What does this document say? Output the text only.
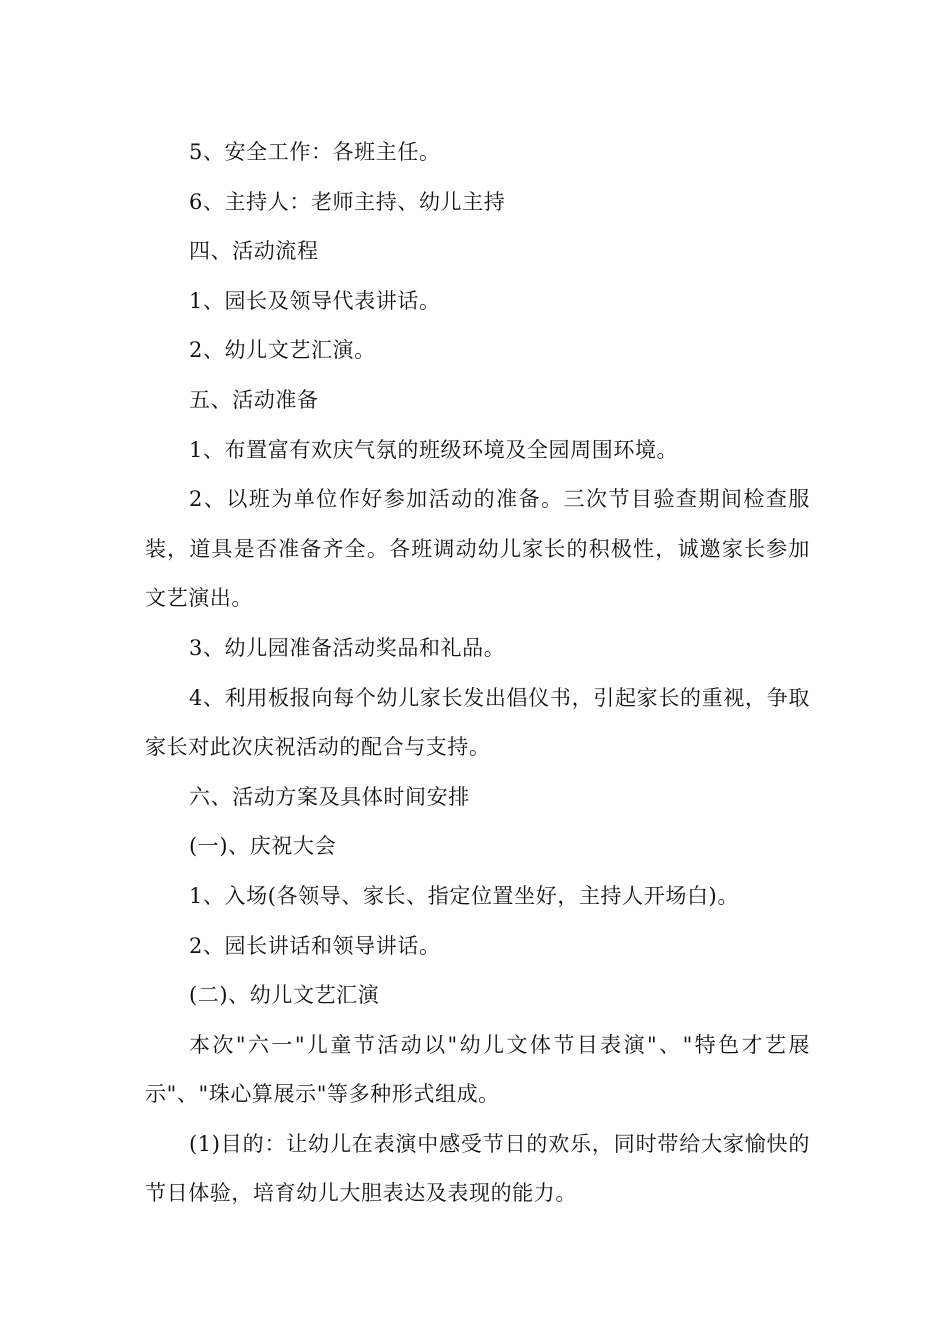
5、安全工作：各班主任。

6、主持人：老师主持、幼儿主持

四、活动流程

1、园长及领导代表讲话。

2、幼儿文艺汇演。

五、活动准备

1、布置富有欢庆气氛的班级环境及全园周围环境。

2、以班为单位作好参加活动的准备。三次节目验查期间检查服装，道具是否准备齐全。各班调动幼儿家长的积极性，诚邀家长参加文艺演出。

3、幼儿园准备活动奖品和礼品。

4、利用板报向每个幼儿家长发出倡仪书，引起家长的重视，争取家长对此次庆祝活动的配合与支持。

六、活动方案及具体时间安排

(一)、庆祝大会

1、入场(各领导、家长、指定位置坐好，主持人开场白)。

2、园长讲话和领导讲话。

(二)、幼儿文艺汇演

本次"六一"儿童节活动以"幼儿文体节目表演"、"特色才艺展示"、"珠心算展示"等多种形式组成。

(1)目的：让幼儿在表演中感受节日的欢乐，同时带给大家愉快的节日体验，培育幼儿大胆表达及表现的能力。
